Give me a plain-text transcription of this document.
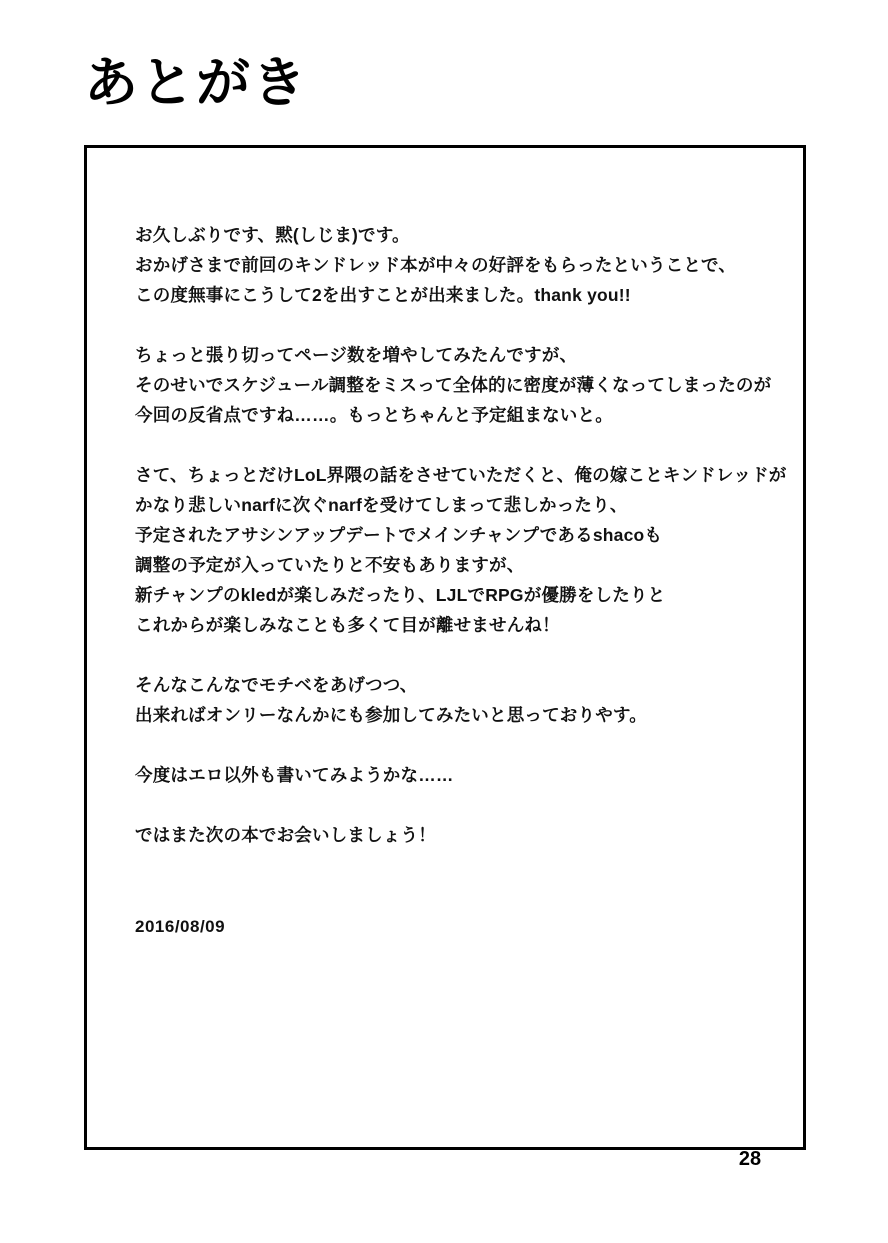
あとがき
お久しぶりです、黙(しじま)です。
おかげさまで前回のキンドレッド本が中々の好評をもらったということで、
この度無事にこうして2を出すことが出来ました。thank you!!
ちょっと張り切ってページ数を増やしてみたんですが、
そのせいでスケジュール調整をミスって全体的に密度が薄くなってしまったのが
今回の反省点ですね……。もっとちゃんと予定組まないと。
さて、ちょっとだけLoL界隈の話をさせていただくと、俺の嫁ことキンドレッドが
かなり悲しいnarfに次ぐnarfを受けてしまって悲しかったり、
予定されたアサシンアップデートでメインチャンプであるshacoも
調整の予定が入っていたりと不安もありますが、
新チャンプのkledが楽しみだったり、LJLでRPGが優勝をしたりと
これからが楽しみなことも多くて目が離せませんね！
そんなこんなでモチベをあげつつ、
出来ればオンリーなんかにも参加してみたいと思っておりやす。
今度はエロ以外も書いてみようかな……
ではまた次の本でお会いしましょう！
2016/08/09
28
